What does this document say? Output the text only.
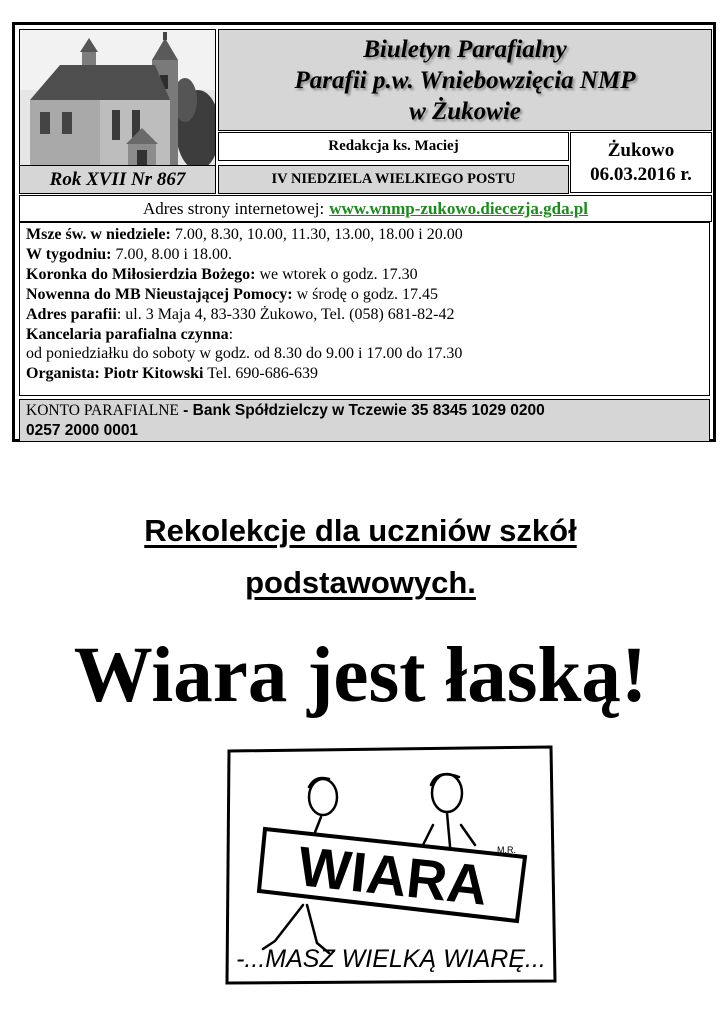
Biuletyn Parafialny
Parafii p.w. Wniebowzięcia NMP
w Żukowie
Redakcja ks. Maciej	Żukowo
06.03.2016 r.
Rok XVII Nr 867	IV NIEDZIELA WIELKIEGO POSTU
Adres strony internetowej: www.wnmp-zukowo.diecezja.gda.pl
Msze św. w niedziele: 7.00, 8.30, 10.00, 11.30, 13.00, 18.00 i 20.00
W tygodniu: 7.00, 8.00 i 18.00.
Koronka do Miłosierdzia Bożego: we wtorek o godz. 17.30
Nowenna do MB Nieustającej Pomocy: w środę o godz. 17.45
Adres parafii: ul. 3 Maja 4, 83-330 Żukowo, Tel. (058) 681-82-42
Kancelaria parafialna czynna:
od poniedziałku do soboty w godz. od 8.30 do 9.00 i 17.00 do 17.30
Organista: Piotr Kitowski Tel. 690-686-639
KONTO PARAFIALNE - Bank Spółdzielczy w Tczewie 35 8345 1029 0200
0257 2000 0001
Rekolekcje dla uczniów szkół
podstawowych.
Wiara jest łaską!
WIARA M.R.
-...MASZ WIELKĄ WIARĘ...
